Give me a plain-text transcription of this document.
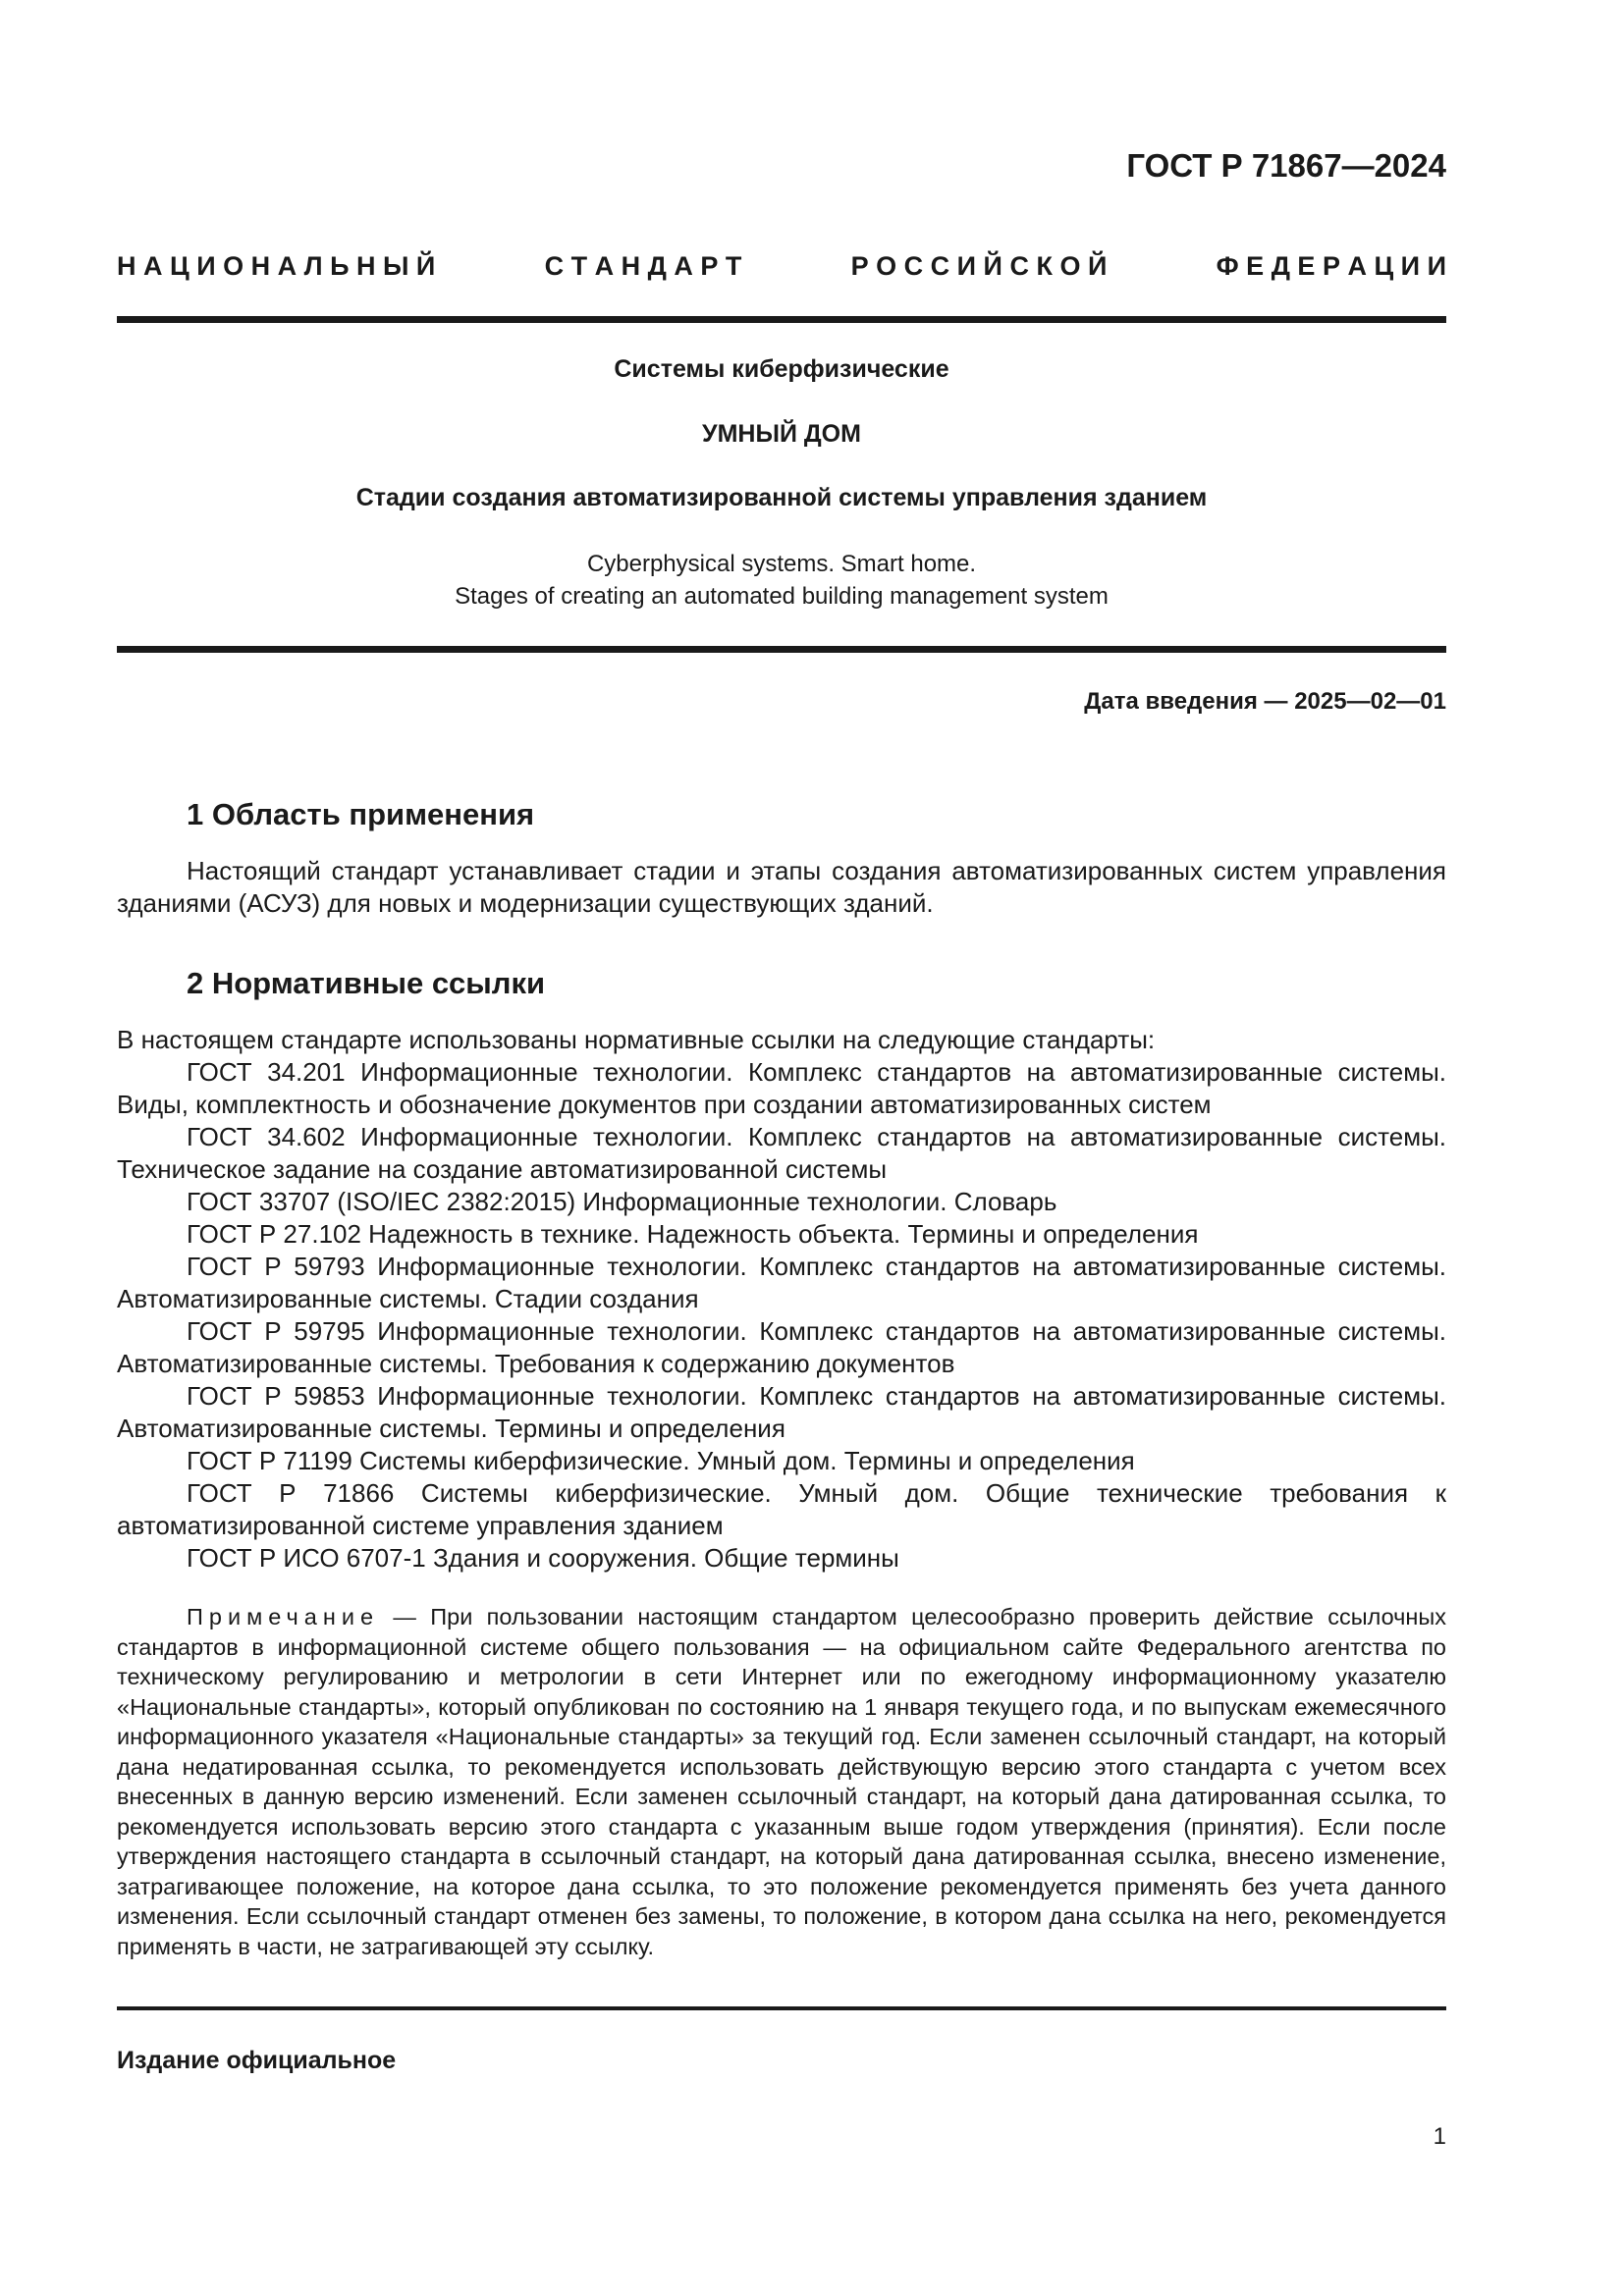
ГОСТ Р 71867—2024
Н А Ц И О Н А Л Ь Н Ы Й	С Т А Н Д А Р Т	Р О С С И Й С К О Й	Ф Е Д Е Р А Ц И И
Системы киберфизические
УМНЫЙ ДОМ
Стадии создания автоматизированной системы управления зданием
Cyberphysical systems. Smart home.
Stages of creating an automated building management system
Дата введения — 2025—02—01
1 Область применения

Настоящий стандарт устанавливает стадии и этапы создания автоматизированных систем управления зданиями (АСУЗ) для новых и модернизации существующих зданий.

2 Нормативные ссылки

В настоящем стандарте использованы нормативные ссылки на следующие стандарты:

ГОСТ 34.201 Информационные технологии. Комплекс стандартов на автоматизированные системы. Виды, комплектность и обозначение документов при создании автоматизированных систем

ГОСТ 34.602 Информационные технологии. Комплекс стандартов на автоматизированные системы. Техническое задание на создание автоматизированной системы

ГОСТ 33707 (ISO/IEC 2382:2015) Информационные технологии. Словарь

ГОСТ Р 27.102 Надежность в технике. Надежность объекта. Термины и определения

ГОСТ Р 59793 Информационные технологии. Комплекс стандартов на автоматизированные системы. Автоматизированные системы. Стадии создания

ГОСТ Р 59795 Информационные технологии. Комплекс стандартов на автоматизированные системы. Автоматизированные системы. Требования к содержанию документов

ГОСТ Р 59853 Информационные технологии. Комплекс стандартов на автоматизированные системы. Автоматизированные системы. Термины и определения

ГОСТ Р 71199 Системы киберфизические. Умный дом. Термины и определения

ГОСТ Р 71866 Системы киберфизические. Умный дом. Общие технические требования к автоматизированной системе управления зданием

ГОСТ Р ИСО 6707-1 Здания и сооружения. Общие термины

Примечание — При пользовании настоящим стандартом целесообразно проверить действие ссылочных стандартов в информационной системе общего пользования — на официальном сайте Федерального агентства по техническому регулированию и метрологии в сети Интернет или по ежегодному информационному указателю «Национальные стандарты», который опубликован по состоянию на 1 января текущего года, и по выпускам ежемесячного информационного указателя «Национальные стандарты» за текущий год. Если заменен ссылочный стандарт, на который дана недатированная ссылка, то рекомендуется использовать действующую версию этого стандарта с учетом всех внесенных в данную версию изменений. Если заменен ссылочный стандарт, на который дана датированная ссылка, то рекомендуется использовать версию этого стандарта с указанным выше годом утверждения (принятия). Если после утверждения настоящего стандарта в ссылочный стандарт, на который дана датированная ссылка, внесено изменение, затрагивающее положение, на которое дана ссылка, то это положение рекомендуется применять без учета данного изменения. Если ссылочный стандарт отменен без замены, то положение, в котором дана ссылка на него, рекомендуется применять в части, не затрагивающей эту ссылку.

Издание официальное
1
